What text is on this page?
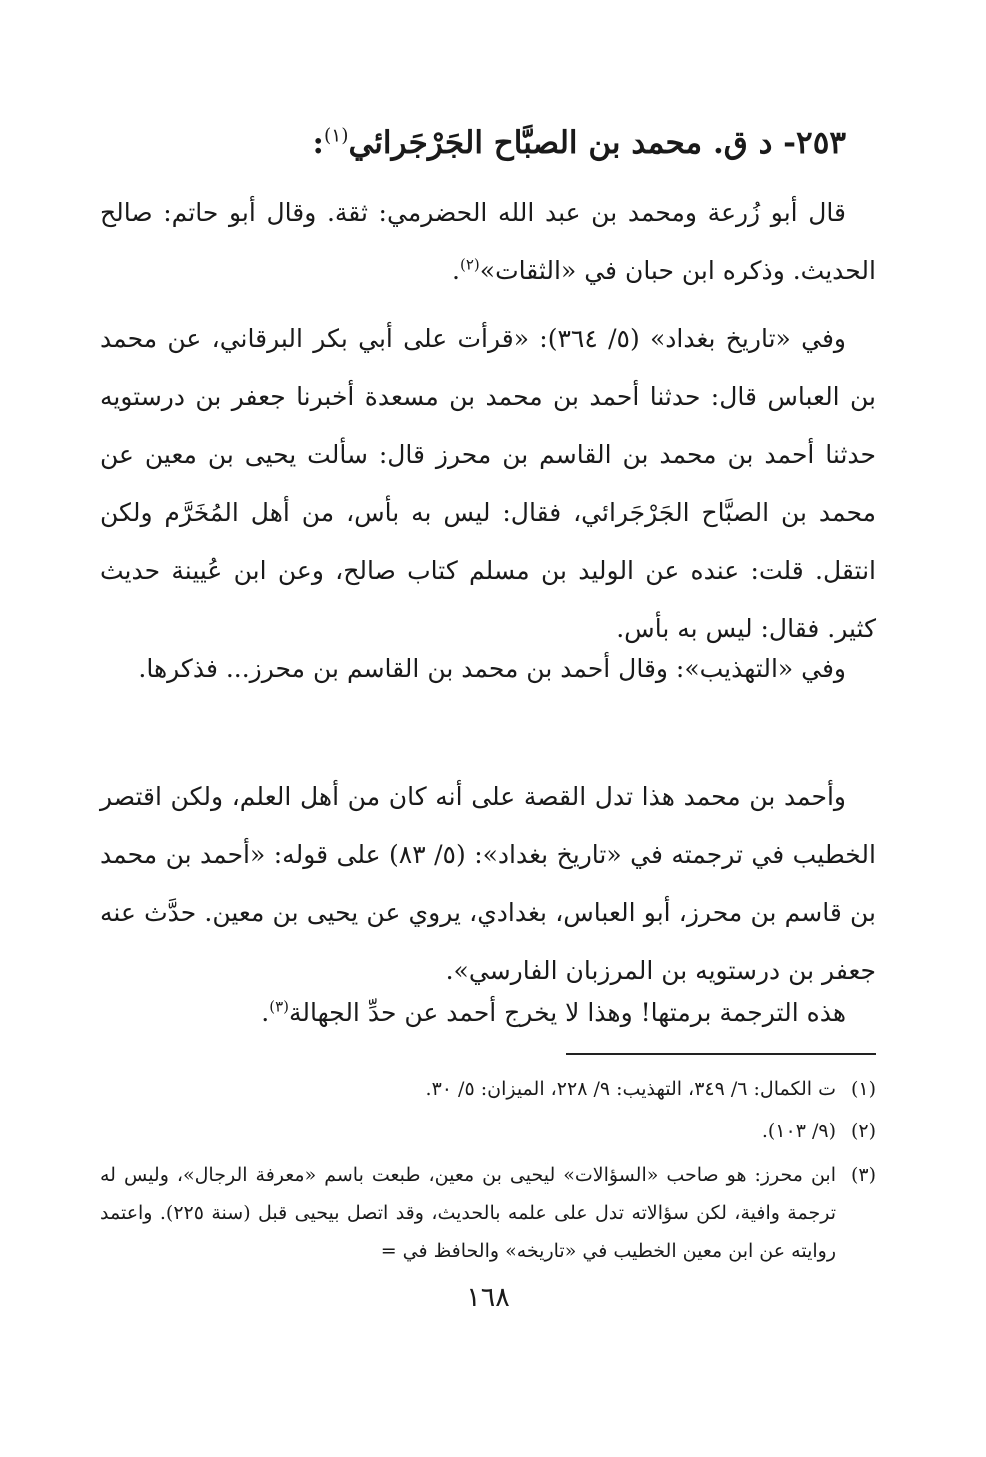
٢٥٣- د ق. محمد بن الصبَّاح الجَرْجَرائي$^{(١)}$:
قال أبو زُرعة ومحمد بن عبد الله الحضرمي: ثقة. وقال أبو حاتم: صالح الحديث. وذكره ابن حبان في «الثقات»$^{(٢)}$.
وفي «تاريخ بغداد» (٥/ ٣٦٤): «قرأت على أبي بكر البرقاني، عن محمد بن العباس قال: حدثنا أحمد بن محمد بن مسعدة أخبرنا جعفر بن درستويه حدثنا أحمد بن محمد بن القاسم بن محرز قال: سألت يحيى بن معين عن محمد بن الصبَّاح الجَرْجَرائي، فقال: ليس به بأس، من أهل المُخَرَّم ولكن انتقل. قلت: عنده عن الوليد بن مسلم كتاب صالح، وعن ابن عُيينة حديث كثير. فقال: ليس به بأس.
وفي «التهذيب»: وقال أحمد بن محمد بن القاسم بن محرز... فذكرها.
وأحمد بن محمد هذا تدل القصة على أنه كان من أهل العلم، ولكن اقتصر الخطيب في ترجمته في «تاريخ بغداد»: (٥/ ٨٣) على قوله: «أحمد بن محمد بن قاسم بن محرز، أبو العباس، بغدادي، يروي عن يحيى بن معين. حدَّث عنه جعفر بن درستويه بن المرزبان الفارسي».
هذه الترجمة برمتها! وهذا لا يخرج أحمد عن حدِّ الجهالة$^{(٣)}$.
(١)
ت الكمال: ٦/ ٣٤٩، التهذيب: ٩/ ٢٢٨، الميزان: ٥/ ٣٠.
(٢)
(٩/ ١٠٣).
(٣)
ابن محرز: هو صاحب «السؤالات» ليحيى بن معين، طبعت باسم «معرفة الرجال»، وليس له ترجمة وافية، لكن سؤالاته تدل على علمه بالحديث، وقد اتصل بيحيى قبل (سنة ٢٢٥). واعتمد روايته عن ابن معين الخطيب في «تاريخه» والحافظ في =
١٦٨
